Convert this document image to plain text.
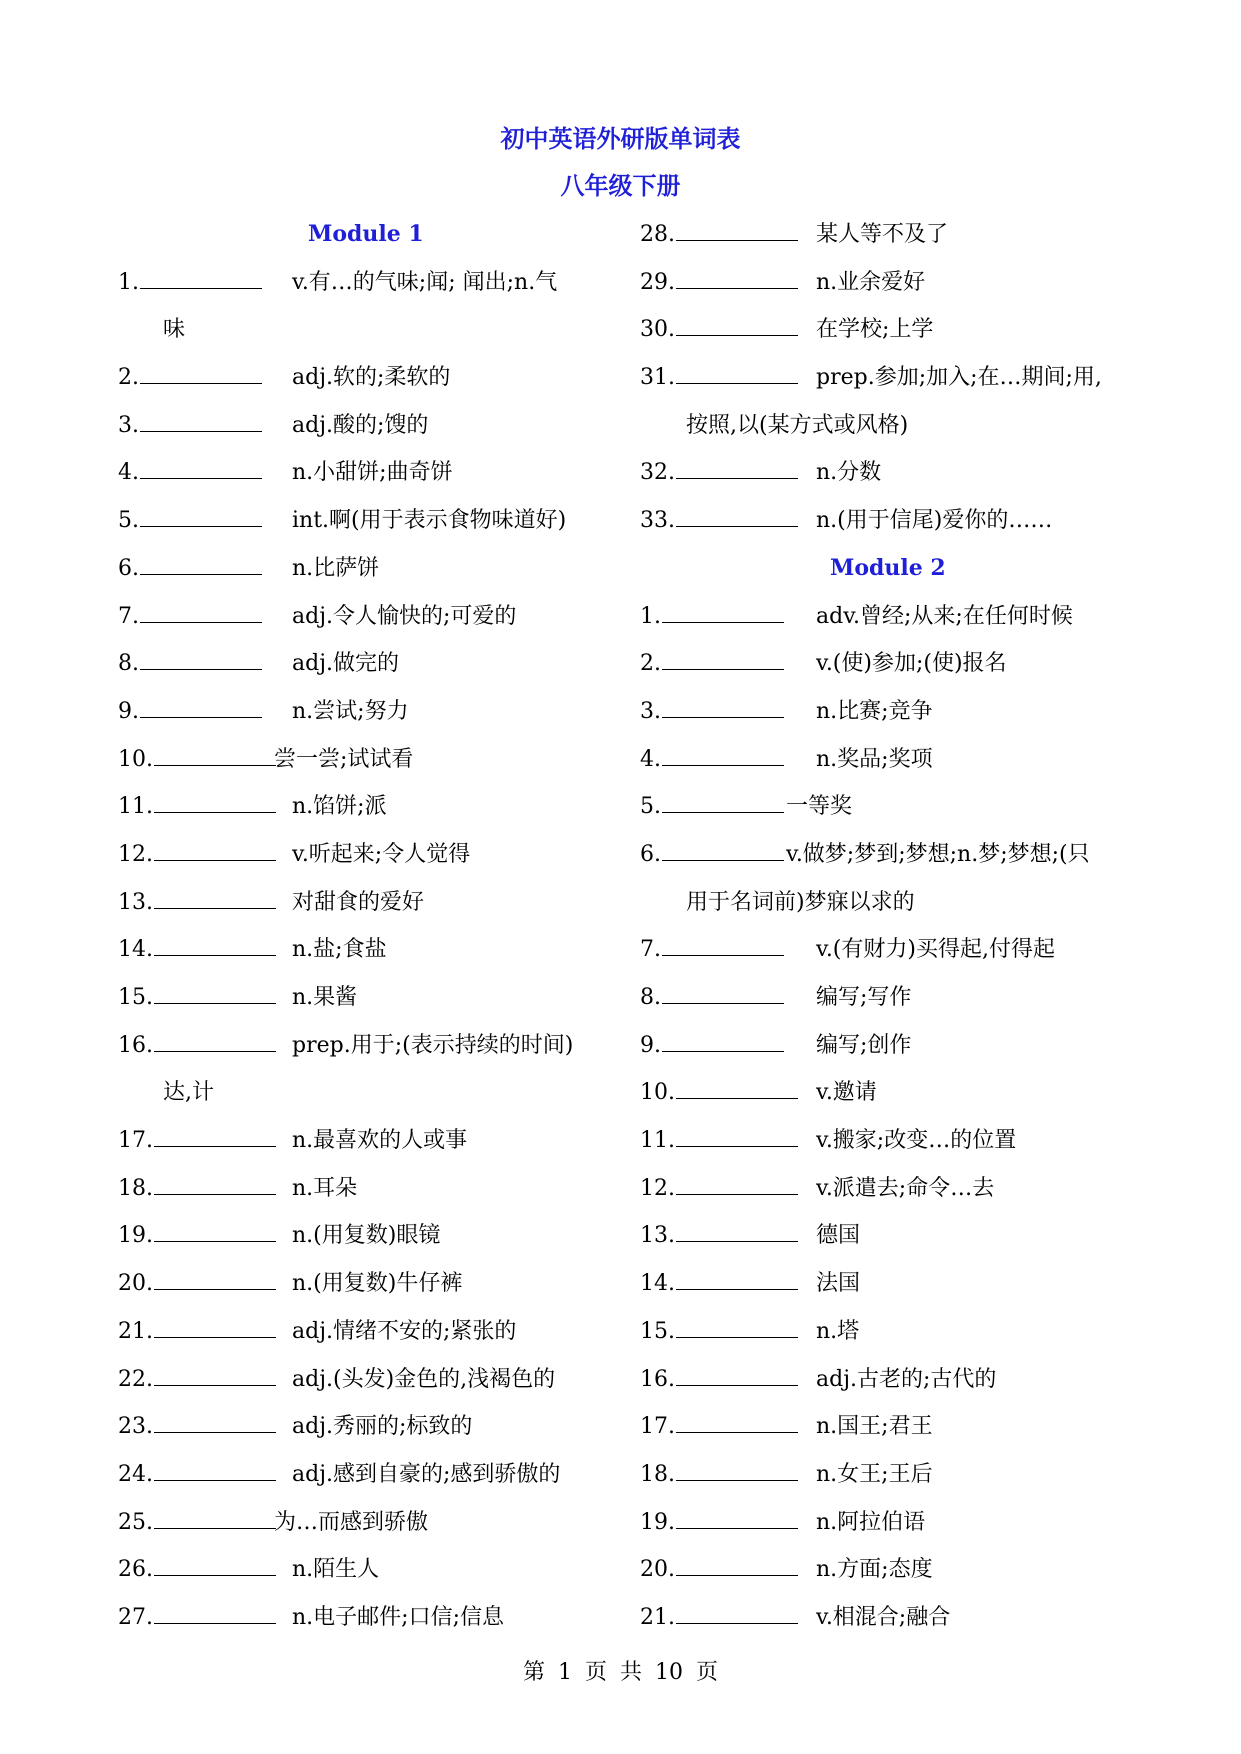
初中英语外研版单词表
八年级下册
Module 1
1.	v.有…的气味;闻; 闻出;n.气
味
2.	adj.软的;柔软的
3.	adj.酸的;馊的
4.	n.小甜饼;曲奇饼
5.	int.啊(用于表示食物味道好)
6.	n.比萨饼
7.	adj.令人愉快的;可爱的
8.	adj.做完的
9.	n.尝试;努力
10.	尝一尝;试试看
11.	n.馅饼;派
12.	v.听起来;令人觉得
13.	对甜食的爱好
14.	n.盐;食盐
15.	n.果酱
16.	prep.用于;(表示持续的时间)
达,计
17.	n.最喜欢的人或事
18.	n.耳朵
19.	n.(用复数)眼镜
20.	n.(用复数)牛仔裤
21.	adj.情绪不安的;紧张的
22.	adj.(头发)金色的,浅褐色的
23.	adj.秀丽的;标致的
24.	adj.感到自豪的;感到骄傲的
25.	为…而感到骄傲
26.	n.陌生人
27.	n.电子邮件;口信;信息
28.	某人等不及了
29.	n.业余爱好
30.	在学校;上学
31.	prep.参加;加入;在…期间;用,
按照,以(某方式或风格)
32.	n.分数
33.	n.(用于信尾)爱你的……
Module 2
1.	adv.曾经;从来;在任何时候
2.	v.(使)参加;(使)报名
3.	n.比赛;竞争
4.	n.奖品;奖项
5.	一等奖
6.	v.做梦;梦到;梦想;n.梦;梦想;(只
用于名词前)梦寐以求的
7.	v.(有财力)买得起,付得起
8.	编写;写作
9.	编写;创作
10.	v.邀请
11.	v.搬家;改变…的位置
12.	v.派遣去;命令…去
13.	德国
14.	法国
15.	n.塔
16.	adj.古老的;古代的
17.	n.国王;君王
18.	n.女王;王后
19.	n.阿拉伯语
20.	n.方面;态度
21.	v.相混合;融合
第 1 页 共 10 页
